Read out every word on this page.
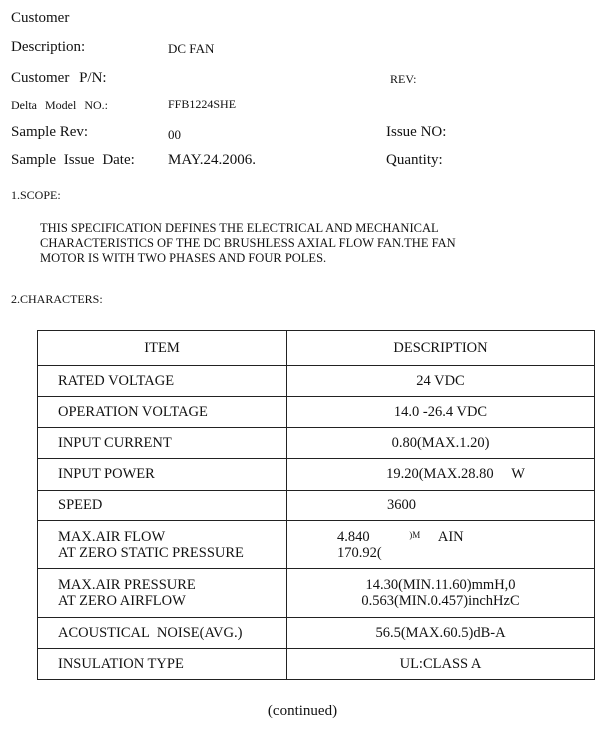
Customer
Description:	DC FAN
Customer P/N:	REV:
Delta Model NO.:	FFB1224SHE
Sample Rev:	00	Issue NO:
Sample Issue Date: MAY.24.2006.	Quantity:
1.SCOPE:
THIS SPECIFICATION DEFINES THE ELECTRICAL AND MECHANICAL
CHARACTERISTICS OF THE DC BRUSHLESS AXIAL FLOW FAN.THE FAN
MOTOR IS WITH TWO PHASES AND FOUR POLES.
2.CHARACTERS:
ITEM	DESCRIPTION
RATED VOLTAGE	24 VDC
OPERATION VOLTAGE	14.0 -26.4 VDC
INPUT CURRENT	0.80(MAX.1.20)
INPUT POWER	19.20(MAX.28.80 W
SPEED	3600

MAX.AIR FLOW
AT ZERO STATIC PRESSURE	4.840 $^{)M}$ AIN
170.92(

MAX.AIR PRESSURE
AT ZERO AIRFLOW	14.30(MIN.11.60)mmH,0
0.563(MIN.0.457)inchHzC

ACOUSTICAL NOISE(AVG.)	56.5(MAX.60.5)dB-A
INSULATION TYPE	UL:CLASS A
(continued)
